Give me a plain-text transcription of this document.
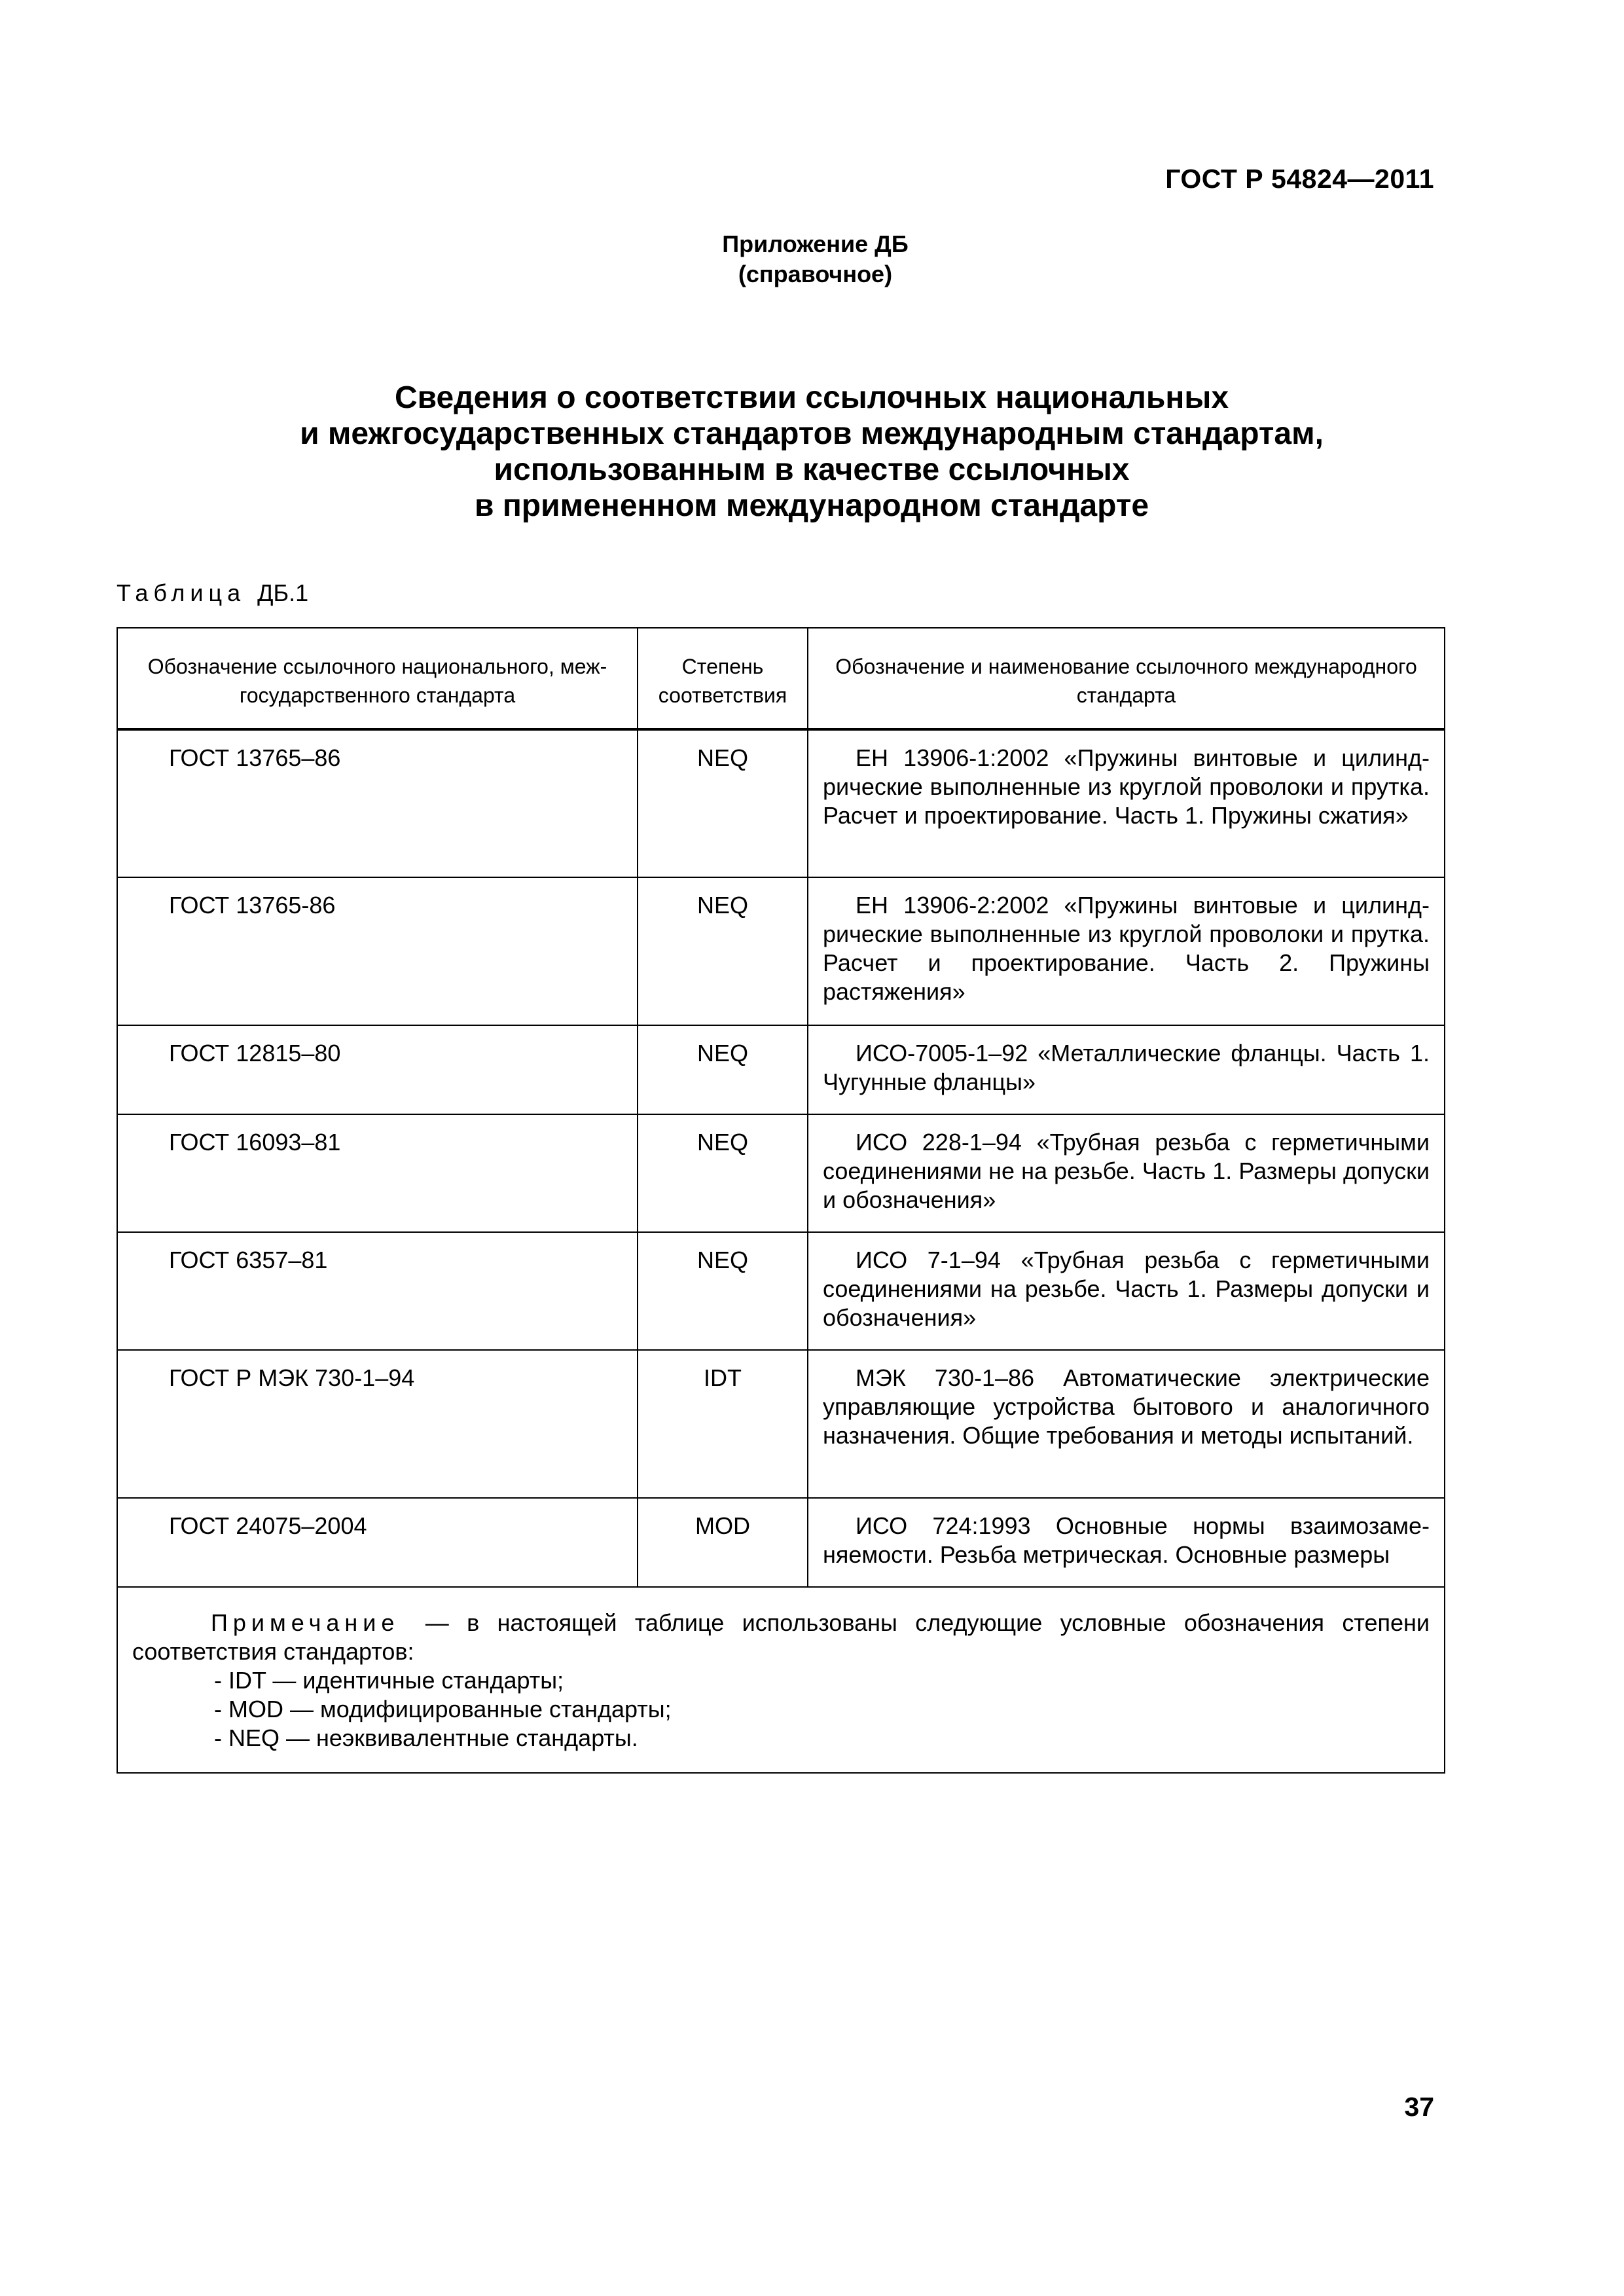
ГОСТ Р 54824—2011
Приложение ДБ
(справочное)
Сведения о соответствии ссылочных национальных
и межгосударственных стандартов международным стандартам,
использованным в качестве ссылочных
в примененном международном стандарте
Таблица ДБ.1
Обозначение ссылочного национального, межгосударственного стандарта	Степень соответствия	Обозначение и наименование ссылочного международного стандарта
ГОСТ 13765–86	NEQ	ЕН 13906-1:2002 «Пружины винтовые и цилиндрические выполненные из круглой проволоки и прутка. Расчет и проектирование. Часть 1. Пружины сжатия»
ГОСТ 13765-86	NEQ	ЕН 13906-2:2002 «Пружины винтовые и цилиндрические выполненные из круглой проволоки и прутка. Расчет и проектирование. Часть 2. Пружины растяжения»
ГОСТ 12815–80	NEQ	ИСО-7005-1–92 «Металлические фланцы. Часть 1. Чугунные фланцы»
ГОСТ 16093–81	NEQ	ИСО 228-1–94 «Трубная резьба с герметичными соединениями не на резьбе. Часть 1. Размеры допуски и обозначения»
ГОСТ 6357–81	NEQ	ИСО 7-1–94 «Трубная резьба с герметичными соединениями на резьбе. Часть 1. Размеры допуски и обозначения»
ГОСТ Р МЭК 730-1–94	IDT	МЭК 730-1–86 Автоматические электрические управляющие устройства бытового и аналогичного назначения. Общие требования и методы испытаний.
ГОСТ 24075–2004	MOD	ИСО 724:1993 Основные нормы взаимозаменяемости. Резьба метрическая. Основные размеры

Примечание — в настоящей таблице использованы следующие условные обозначения степени соответствия стандартов:
- IDT — идентичные стандарты;
- MOD — модифицированные стандарты;
- NEQ — неэквивалентные стандарты.		
37
